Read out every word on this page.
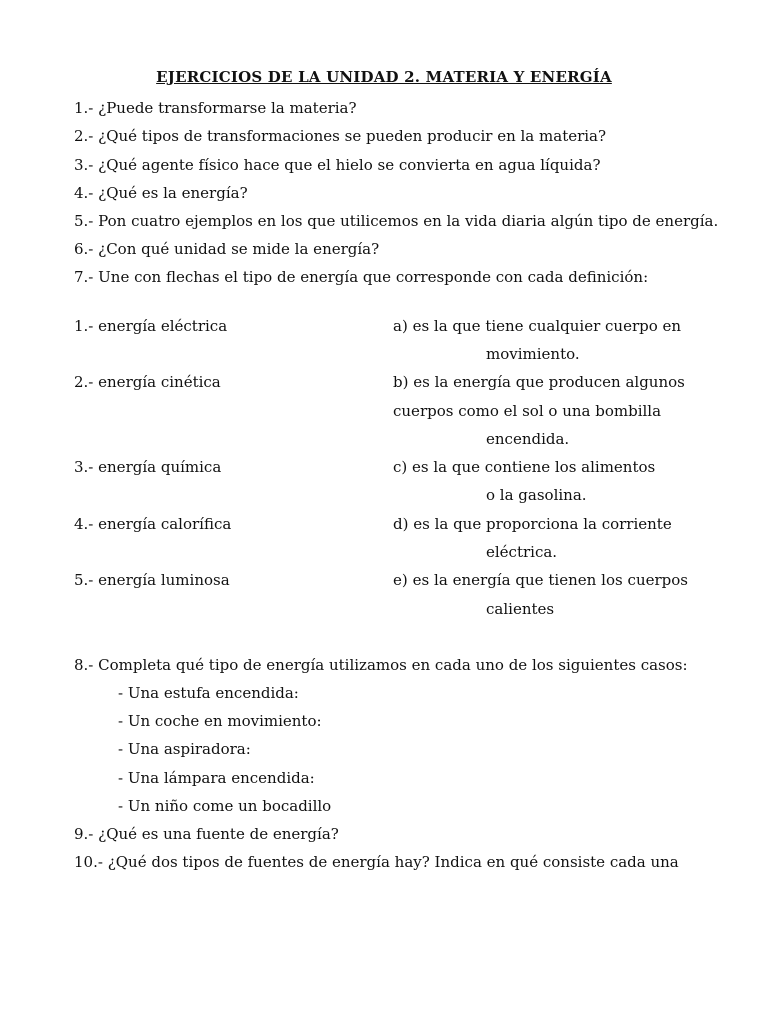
EJERCICIOS DE LA UNIDAD 2. MATERIA Y ENERGÍA
1.- ¿Puede transformarse la materia?
2.- ¿Qué tipos de transformaciones se pueden producir en la materia?
3.- ¿Qué agente físico hace que el hielo se convierta en agua líquida?
4.- ¿Qué es la energía?
5.- Pon cuatro ejemplos en los que utilicemos en la vida diaria algún tipo de energía.
6.- ¿Con qué unidad se mide la energía?
7.- Une con flechas el tipo de energía que corresponde con cada definición:
1.- energía eléctrica	a) es la que tiene cualquier cuerpo en
movimiento.
2.- energía cinética	b) es la energía que producen algunos
cuerpos como el sol o una bombilla
encendida.
3.- energía química	c) es la que contiene los alimentos
o la gasolina.
4.- energía calorífica	d) es la que proporciona la corriente
eléctrica.
5.- energía luminosa	e) es la energía que tienen los cuerpos
calientes
8.- Completa qué tipo de energía utilizamos en cada uno de los siguientes casos:
- Una estufa encendida:
- Un coche en movimiento:
- Una aspiradora:
- Una lámpara encendida:
- Un niño come un bocadillo
9.- ¿Qué es una fuente de energía?
10.- ¿Qué dos tipos de fuentes de energía hay? Indica en qué consiste cada una
